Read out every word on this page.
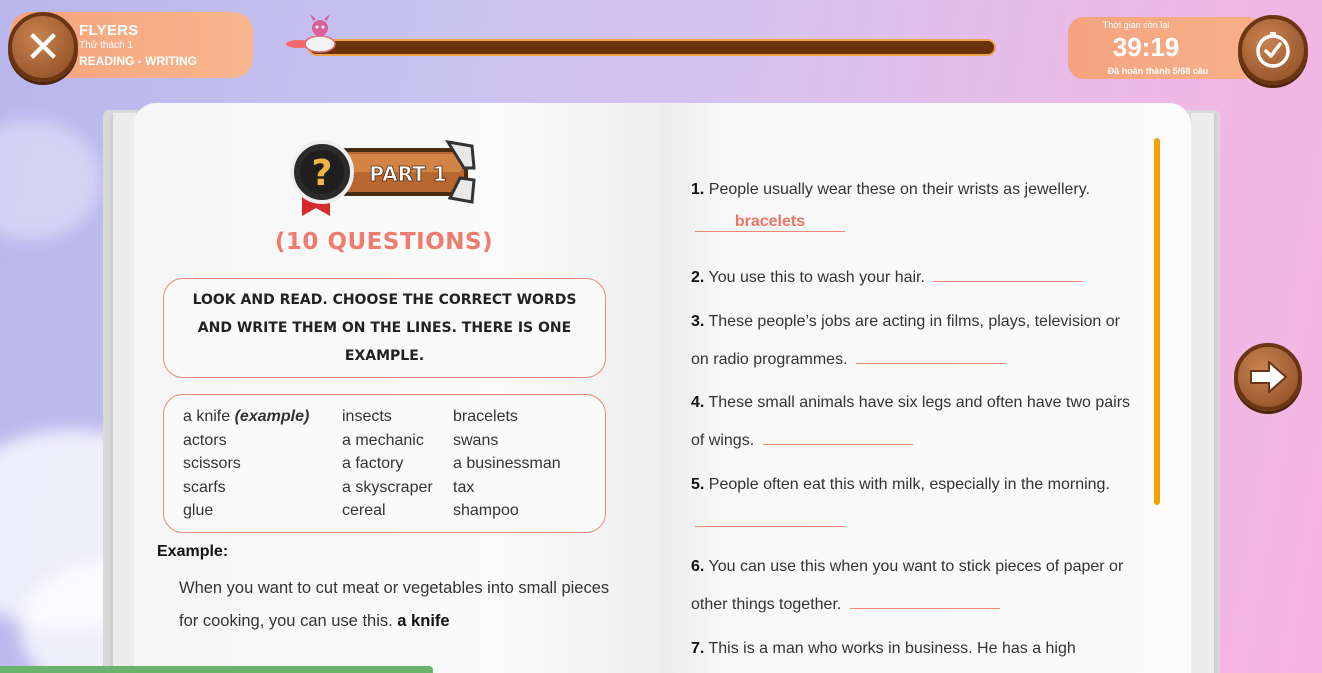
✕ FLYERS
Thử thách 1
READING - WRITING
Thời gian còn lại
39:19
Đã hoàn thành 5/68 câu
? PART 1
(10 QUESTIONS)
LOOK AND READ. CHOOSE THE CORRECT WORDS AND WRITE THEM ON THE LINES. THERE IS ONE EXAMPLE.
a knife (example)
actors
scissors
scarfs
glue
insects
a mechanic
a factory
a skyscraper
cereal
bracelets
swans
a businessman
tax
shampoo
Example:
When you want to cut meat or vegetables into small pieces for cooking, you can use this. a knife
1. People usually wear these on their wrists as jewellery. bracelets
2. You use this to wash your hair.
3. These people’s jobs are acting in films, plays, television or on radio programmes.
4. These small animals have six legs and often have two pairs of wings.
5. People often eat this with milk, especially in the morning.
6. You can use this when you want to stick pieces of paper or other things together.
7. This is a man who works in business. He has a high
